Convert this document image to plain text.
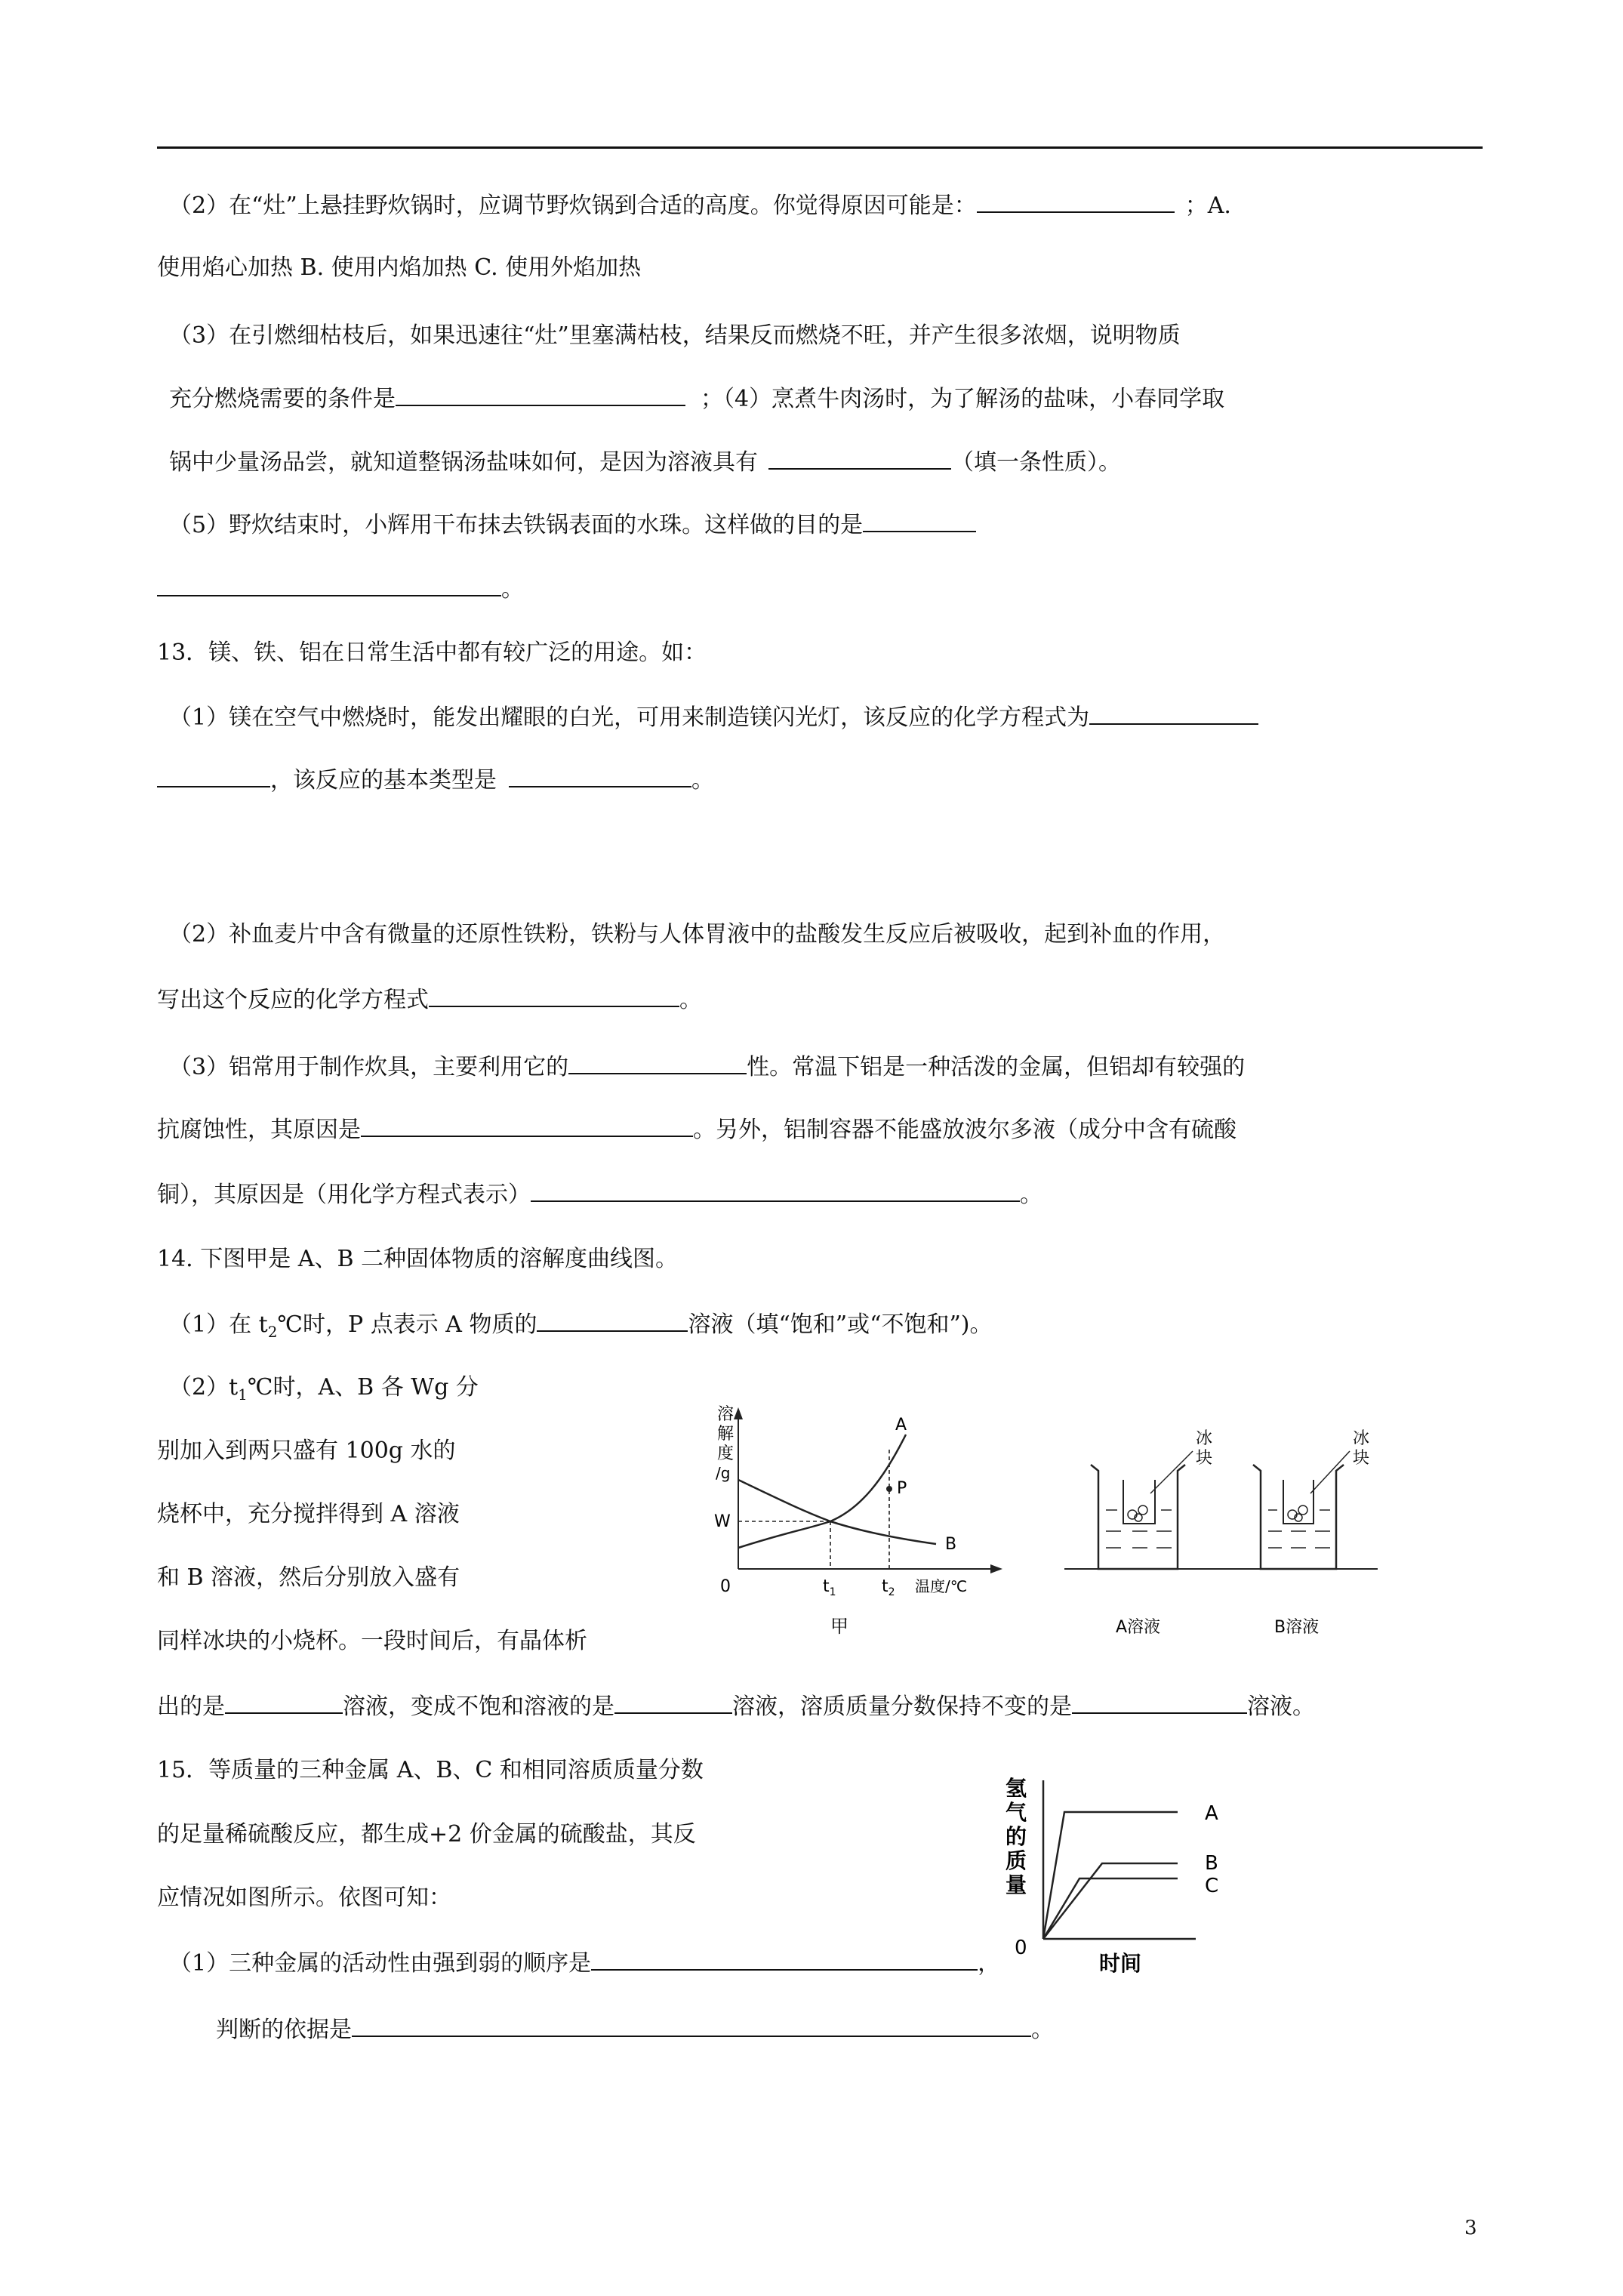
（2）在“灶”上悬挂野炊锅时，应调节野炊锅到合适的高度。你觉得原因可能是：	；A.
使用焰心加热 B. 使用内焰加热 C. 使用外焰加热
（3）在引燃细枯枝后，如果迅速往“灶”里塞满枯枝，结果反而燃烧不旺，并产生很多浓烟，说明物质
充分燃烧需要的条件是	；（4）烹煮牛肉汤时，为了解汤的盐味，小春同学取
锅中少量汤品尝，就知道整锅汤盐味如何，是因为溶液具有	（填一条性质）。
（5）野炊结束时，小辉用干布抹去铁锅表面的水珠。这样做的目的是
。
13．镁、铁、铝在日常生活中都有较广泛的用途。如：
（1）镁在空气中燃烧时，能发出耀眼的白光，可用来制造镁闪光灯，该反应的化学方程式为
，该反应的基本类型是	。
（2）补血麦片中含有微量的还原性铁粉，铁粉与人体胃液中的盐酸发生反应后被吸收，起到补血的作用，
写出这个反应的化学方程式	。
（3）铝常用于制作炊具，主要利用它的	性。常温下铝是一种活泼的金属，但铝却有较强的
抗腐蚀性，其原因是	。另外，铝制容器不能盛放波尔多液（成分中含有硫酸
铜），其原因是（用化学方程式表示）	。
14. 下图甲是 A、B 二种固体物质的溶解度曲线图。
（1）在 $t_2℃$时，P 点表示 A 物质的	溶液（填“饱和”或“不饱和”)。
$(2)t_1℃$时，A、B 各 Wg 分
别加入到两只盛有 100g 水的
烧杯中，充分搅拌得到 A 溶液
和 B 溶液，然后分别放入盛有
同样冰块的小烧杯。一段时间后，有晶体析
出的是	溶液，变成不饱和溶液的是	溶液，溶质质量分数保持不变的是	溶液。
溶
解
度
/g
W
0
A
B
P
$t_1$	$t_2$ 温度/℃
甲
冰
块
冰
块
A溶液	B溶液
15．等质量的三种金属 A、B、C 和相同溶质质量分数
的足量稀硫酸反应，都生成+2 价金属的硫酸盐，其反
应情况如图所示。依图可知：
（1）三种金属的活动性由强到弱的顺序是	，
判断的依据是	。
氢
气
的
质
量
0
A
B
C
时间
3
